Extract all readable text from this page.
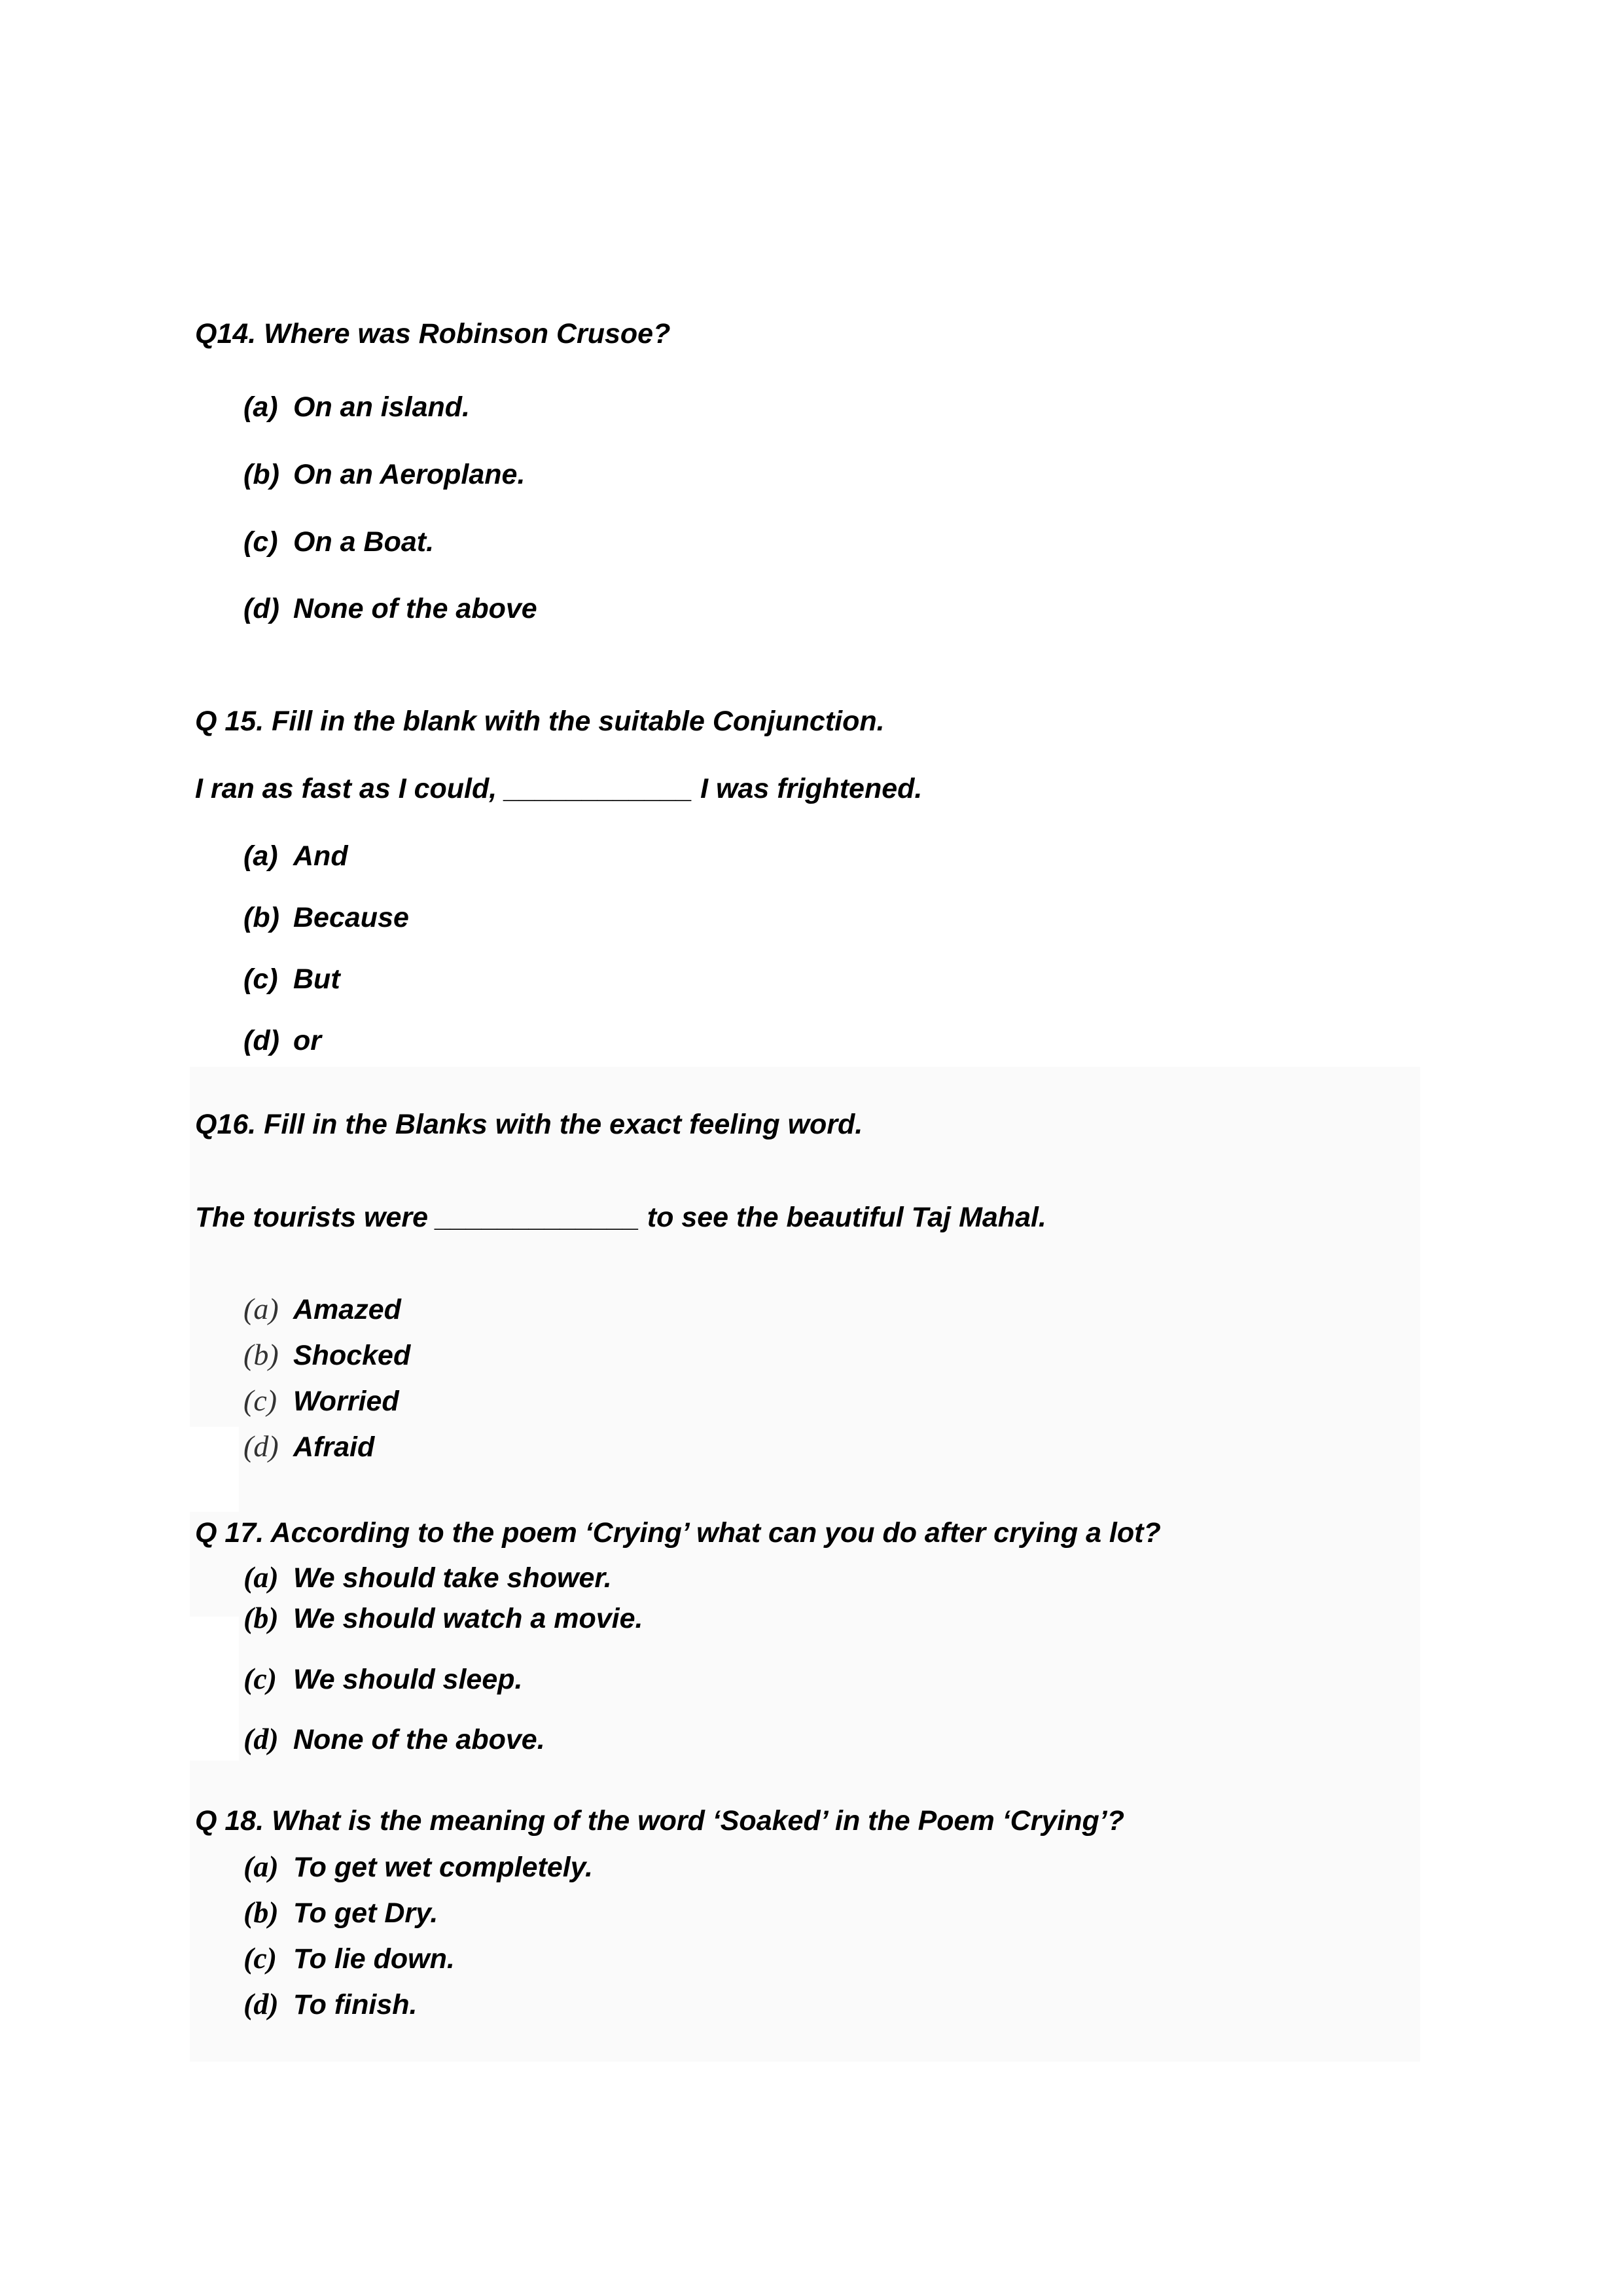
Q14. Where was Robinson Crusoe?
(a) On an island.
(b) On an Aeroplane.
(c) On a Boat.
(d) None of the above
Q 15. Fill in the blank with the suitable Conjunction.
I ran as fast as I could, ____________ I was frightened.
(a) And
(b) Because
(c) But
(d) or
Q16. Fill in the Blanks with the exact feeling word.
The tourists were _____________ to see the beautiful Taj Mahal.
(a) Amazed
(b) Shocked
(c) Worried
(d) Afraid
Q 17. According to the poem ‘Crying’ what can you do after crying a lot?
(a) We should take shower.
(b) We should watch a movie.
(c) We should sleep.
(d) None of the above.
Q 18. What is the meaning of the word ‘Soaked’ in the Poem ‘Crying’?
(a) To get wet completely.
(b) To get Dry.
(c) To lie down.
(d) To finish.
